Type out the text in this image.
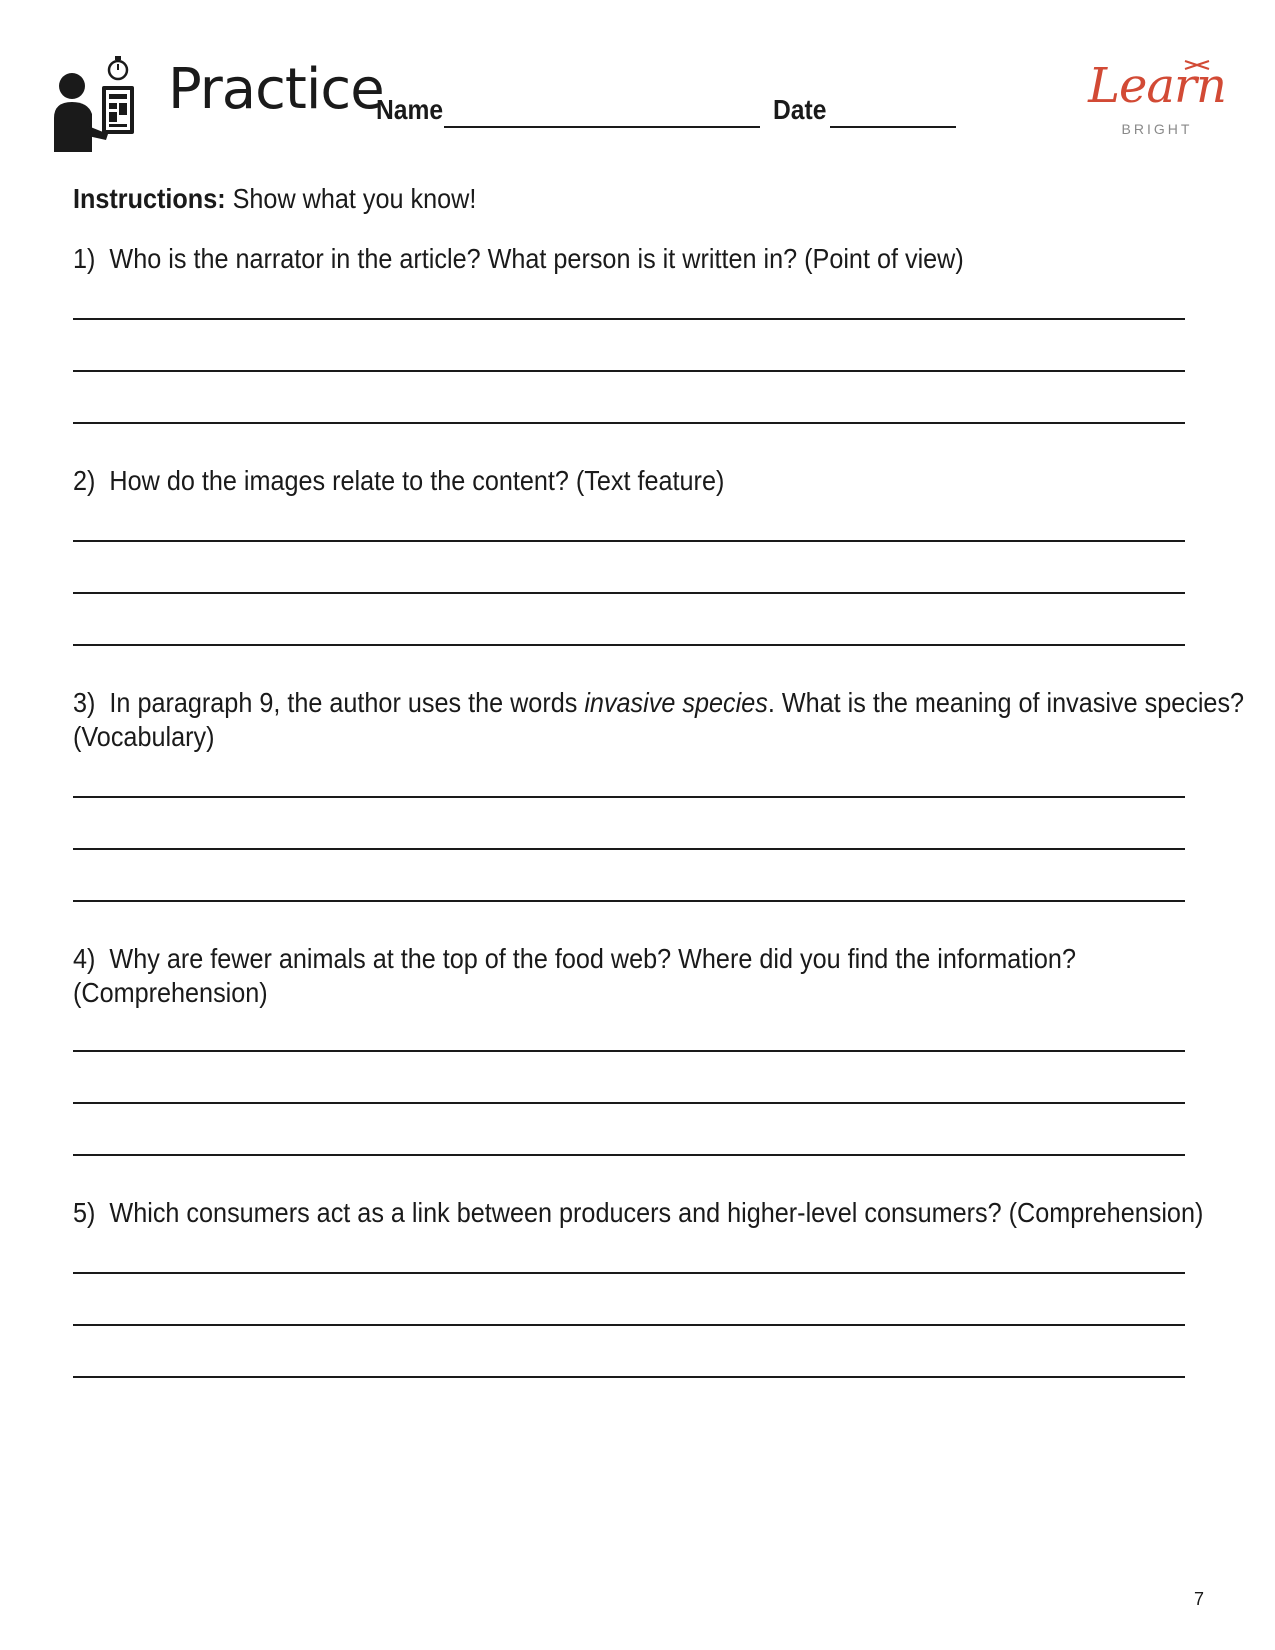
Practice
Name	Date	Learn
BRIGHT
Instructions: Show what you know!
1) Who is the narrator in the article? What person is it written in? (Point of view)
2) How do the images relate to the content? (Text feature)
3) In paragraph 9, the author uses the words invasive species. What is the meaning of invasive species?
(Vocabulary)
4) Why are fewer animals at the top of the food web? Where did you find the information?
(Comprehension)
5) Which consumers act as a link between producers and higher-level consumers? (Comprehension)
7
